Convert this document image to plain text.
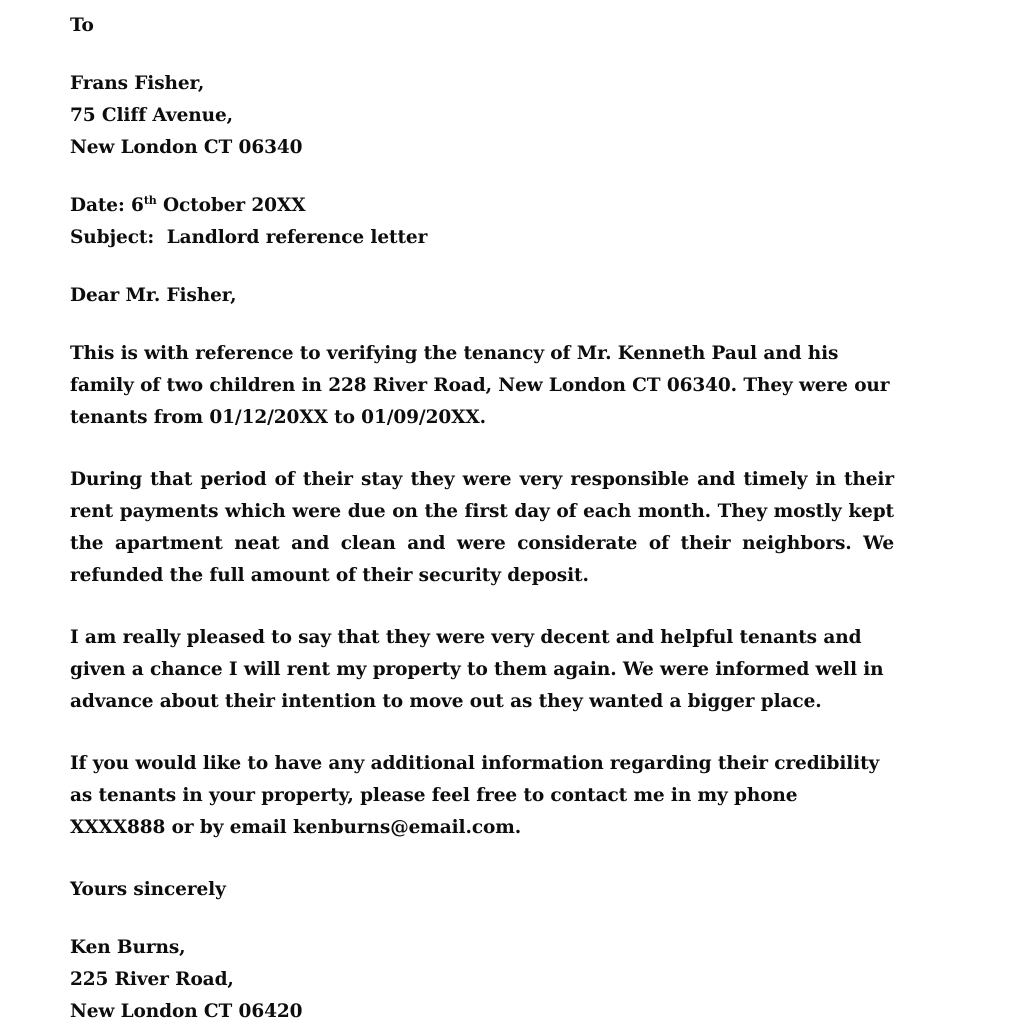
To

Frans Fisher,

75 Cliff Avenue,

New London CT 06340

Date: 6th October 20XX

Subject: Landlord reference letter

Dear Mr. Fisher,

This is with reference to verifying the tenancy of Mr. Kenneth Paul and his family of two children in 228 River Road, New London CT 06340. They were our tenants from 01/12/20XX to 01/09/20XX.

During that period of their stay they were very responsible and timely in their rent payments which were due on the first day of each month. They mostly kept the apartment neat and clean and were considerate of their neighbors. We refunded the full amount of their security deposit.

I am really pleased to say that they were very decent and helpful tenants and given a chance I will rent my property to them again. We were informed well in advance about their intention to move out as they wanted a bigger place.

If you would like to have any additional information regarding their credibility as tenants in your property, please feel free to contact me in my phone XXXX888 or by email kenburns@email.com.

Yours sincerely

Ken Burns,

225 River Road,

New London CT 06420
